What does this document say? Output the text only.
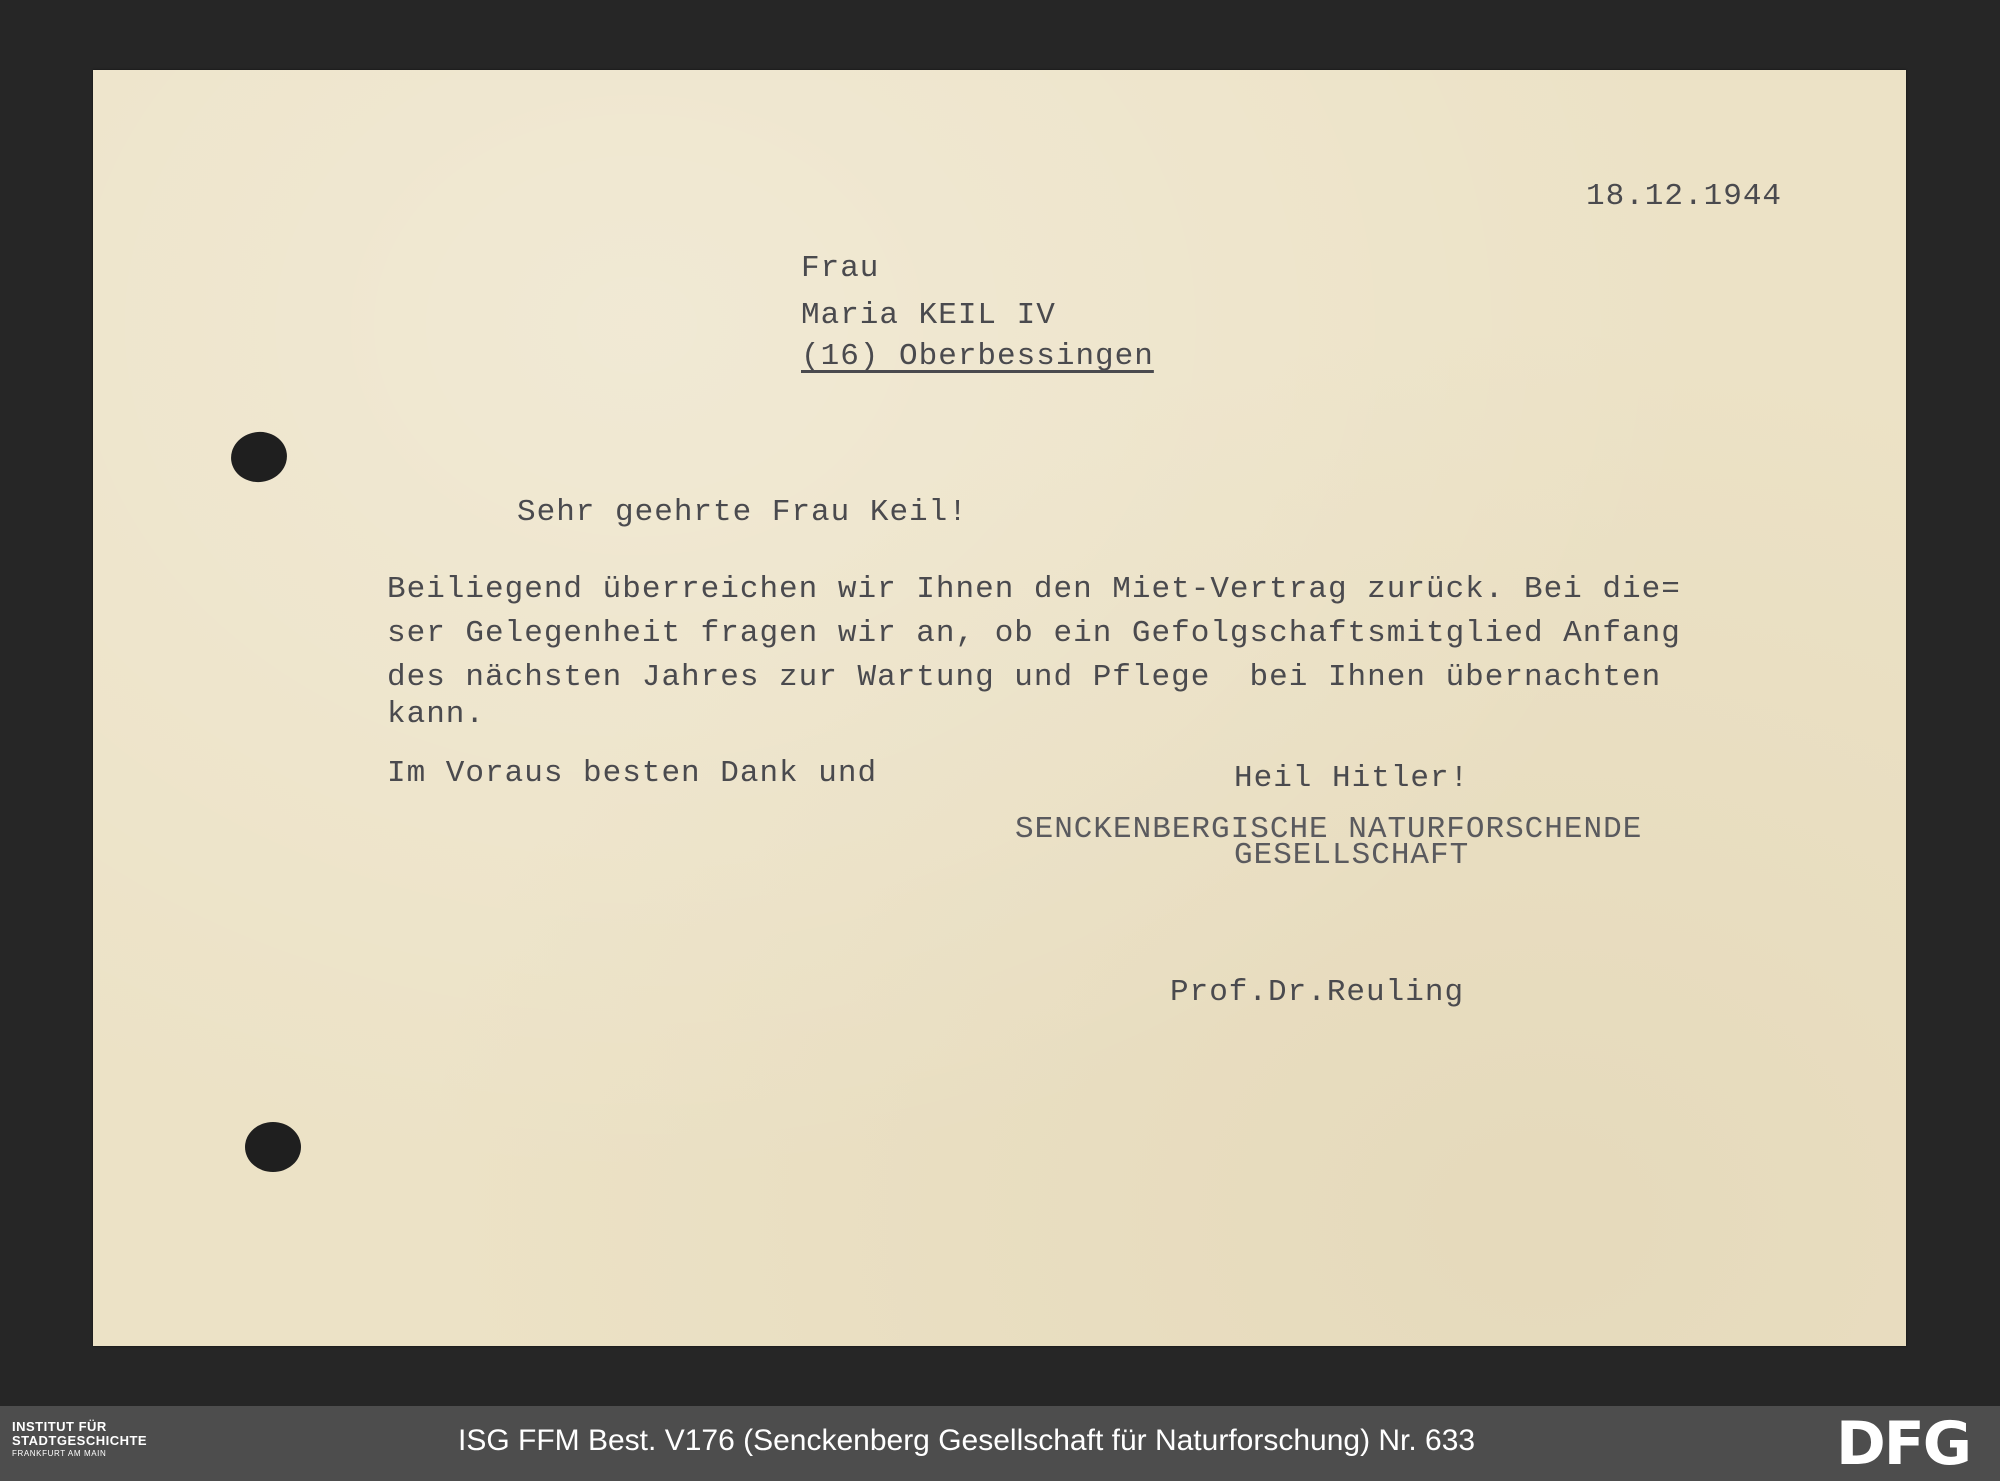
18.12.1944

Frau

Maria KEIL IV

(16) Oberbessingen

Sehr geehrte Frau Keil!

Beiliegend überreichen wir Ihnen den Miet-Vertrag zurück. Bei die=

ser Gelegenheit fragen wir an, ob ein Gefolgschaftsmitglied Anfang

des nächsten Jahres zur Wartung und Pflege  bei Ihnen übernachten

kann.

Im Voraus besten Dank und	Heil Hitler!

SENCKENBERGISCHE NATURFORSCHENDE

GESELLSCHAFT

Prof.Dr.Reuling

INSTITUT FÜR
STADTGESCHICHTE
FRANKFURT AM MAIN	ISG FFM Best. V176 (Senckenberg Gesellschaft für Naturforschung) Nr. 633	DFG
